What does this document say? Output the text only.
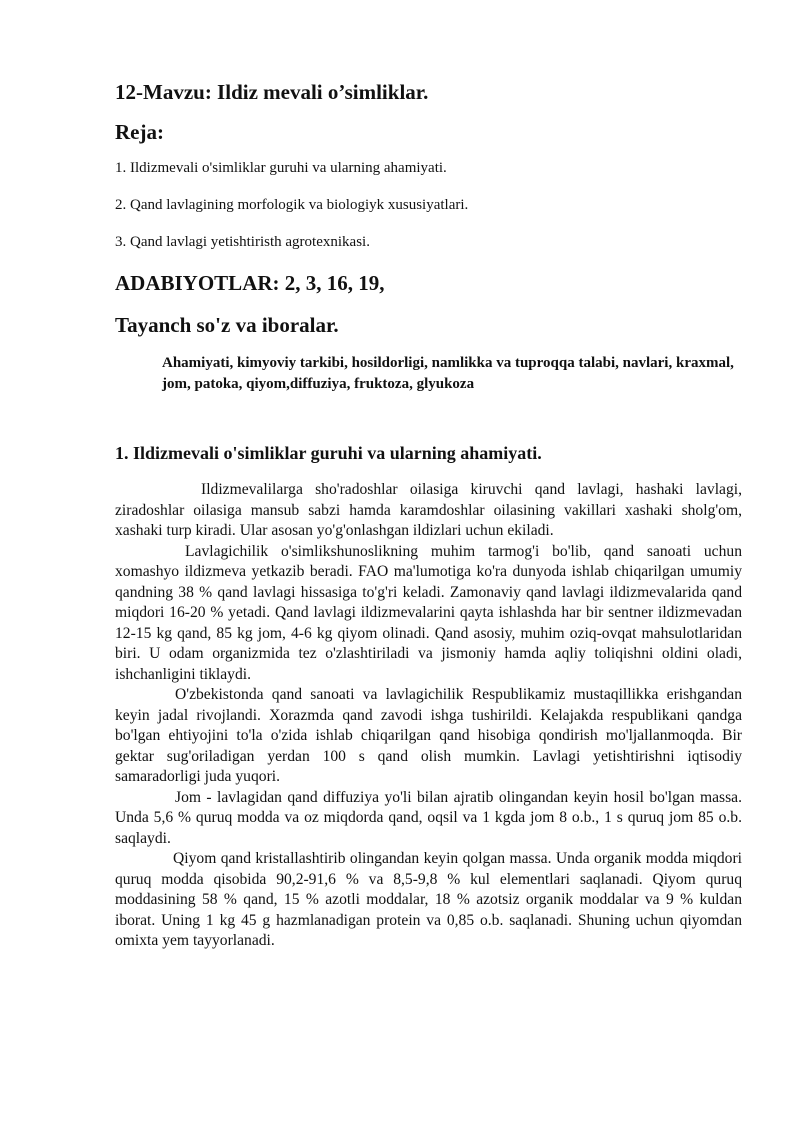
12-Mavzu: Ildiz mevali o’simliklar.
Reja:

1. Ildizmevali o'simliklar guruhi va ularning ahamiyati.

2. Qand lavlagining morfologik va biologiyk xususiyatlari.

3. Qand lavlagi yetishtiristh agrotexnikasi.

ADABIYOTLAR: 2, 3, 16, 19,
Tayanch so'z va iboralar.

Ahamiyati, kimyoviy tarkibi, hosildorligi, namlikka va tuproqqa talabi, navlari, kraxmal, jom, patoka, qiyom,diffuziya, fruktoza, glyukoza

1. Ildizmevali o'simliklar guruhi va ularning ahamiyati.

Ildizmevalilarga sho'radoshlar oilasiga kiruvchi qand lavlagi, hashaki lavlagi, ziradoshlar oilasiga mansub sabzi hamda karamdoshlar oilasining vakillari xashaki sholg'om, xashaki turp kiradi. Ular asosan yo'g'onlashgan ildizlari uchun ekiladi.

Lavlagichilik o'simlikshunoslikning muhim tarmog'i bo'lib, qand sanoati uchun xomashyo ildizmeva yetkazib beradi. FAO ma'lumotiga ko'ra dunyoda ishlab chiqarilgan umumiy qandning 38 % qand lavlagi hissasiga to'g'ri keladi. Zamonaviy qand lavlagi ildizmevalarida qand miqdori 16-20 % yetadi. Qand lavlagi ildizmevalarini qayta ishlashda har bir sentner ildizmevadan 12-15 kg qand, 85 kg jom, 4-6 kg qiyom olinadi. Qand asosiy, muhim oziq-ovqat mahsulotlaridan biri. U odam organizmida tez o'zlashtiriladi va jismoniy hamda aqliy toliqishni oldini oladi, ishchanligini tiklaydi.

O'zbekistonda qand sanoati va lavlagichilik Respublikamiz mustaqillikka erishgandan keyin jadal rivojlandi. Xorazmda qand zavodi ishga tushirildi. Kelajakda respublikani qandga bo'lgan ehtiyojini to'la o'zida ishlab chiqarilgan qand hisobiga qondirish mo'ljallanmoqda. Bir gektar sug'oriladigan yerdan 100 s qand olish mumkin. Lavlagi yetishtirishni iqtisodiy samaradorligi juda yuqori.

Jom - lavlagidan qand diffuziya yo'li bilan ajratib olingandan keyin hosil bo'lgan massa. Unda 5,6 % quruq modda va oz miqdorda qand, oqsil va 1 kgda jom 8 o.b., 1 s quruq jom 85 o.b. saqlaydi.

Qiyom qand kristallashtirib olingandan keyin qolgan massa. Unda organik modda miqdori quruq modda qisobida 90,2-91,6 % va 8,5-9,8 % kul elementlari saqlanadi. Qiyom quruq moddasining 58 % qand, 15 % azotli moddalar, 18 % azotsiz organik moddalar va 9 % kuldan iborat. Uning 1 kg 45 g hazmlanadigan protein va 0,85 o.b. saqlanadi. Shuning uchun qiyomdan omixta yem tayyorlanadi.
